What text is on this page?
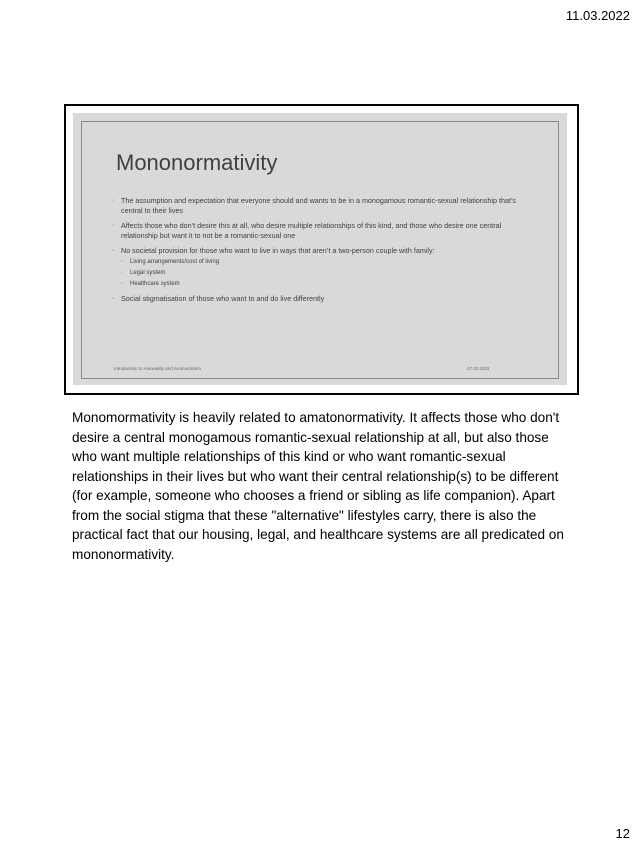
11.03.2022
Mononormativity
▫ The assumption and expectation that everyone should and wants to be in a monogamous romantic-sexual relationship that’s central to their lives
▫ Affects those who don’t desire this at all, who desire multiple relationships of this kind, and those who desire one central relationship but want it to not be a romantic-sexual one
▫ No societal provision for those who want to live in ways that aren’t a two-person couple with family:
▫ Living arrangements/cost of living
▫ Legal system
▫ Healthcare system
▫ Social stigmatisation of those who want to and do live differently
Introduction to Asexuality and Aromanticism	27.02.2022
Monomormativity is heavily related to amatonormativity. It affects those who don't desire a central monogamous romantic-sexual relationship at all, but also those who want multiple relationships of this kind or who want romantic-sexual relationships in their lives but who want their central relationship(s) to be different (for example, someone who chooses a friend or sibling as life companion). Apart from the social stigma that these "alternative" lifestyles carry, there is also the practical fact that our housing, legal, and healthcare systems are all predicated on mononormativity.
12
